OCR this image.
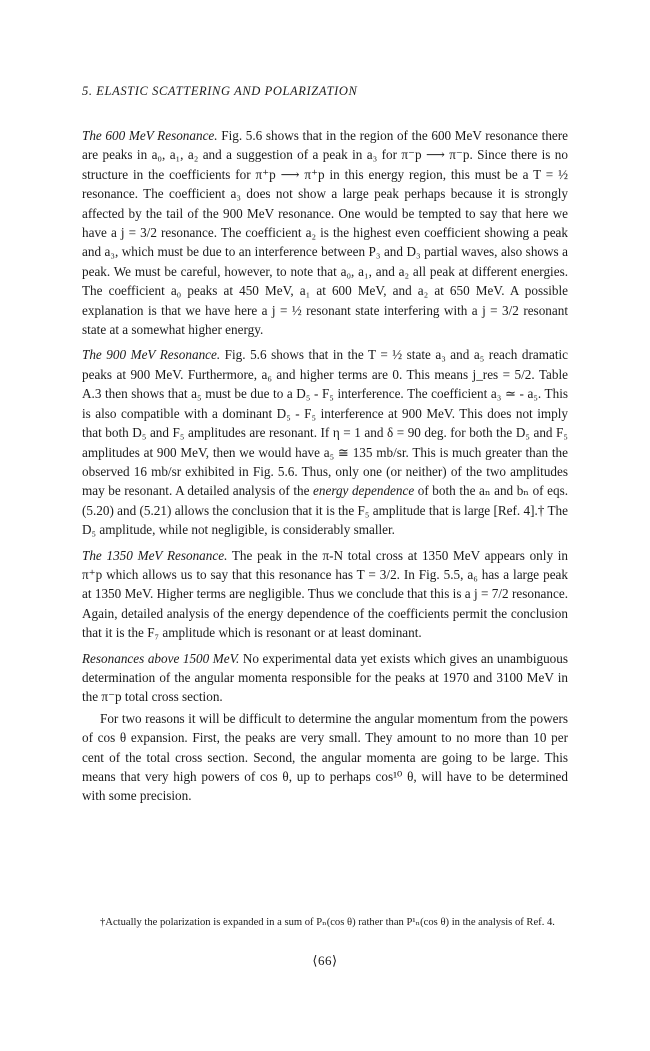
5. ELASTIC SCATTERING AND POLARIZATION

The 600 MeV Resonance. Fig. 5.6 shows that in the region of the 600 MeV resonance there are peaks in a₀, a₁, a₂ and a suggestion of a peak in a₃ for π⁻p ⟶ π⁻p. Since there is no structure in the coefficients for π⁺p ⟶ π⁺p in this energy region, this must be a T = ½ resonance. The coefficient a₃ does not show a large peak perhaps because it is strongly affected by the tail of the 900 MeV resonance. One would be tempted to say that here we have a j = 3/2 resonance. The coefficient a₂ is the highest even coefficient showing a peak and a₃, which must be due to an interference between P₃ and D₃ partial waves, also shows a peak. We must be careful, however, to note that a₀, a₁, and a₂ all peak at different energies. The coefficient a₀ peaks at 450 MeV, a₁ at 600 MeV, and a₂ at 650 MeV. A possible explanation is that we have here a j = ½ resonant state interfering with a j = 3/2 resonant state at a somewhat higher energy.

The 900 MeV Resonance. Fig. 5.6 shows that in the T = ½ state a₃ and a₅ reach dramatic peaks at 900 MeV. Furthermore, a₆ and higher terms are 0. This means j_res = 5/2. Table A.3 then shows that a₅ must be due to a D₅ - F₅ interference. The coefficient a₃ ≃ - a₅. This is also compatible with a dominant D₅ - F₅ interference at 900 MeV. This does not imply that both D₅ and F₅ amplitudes are resonant. If η = 1 and δ = 90 deg. for both the D₅ and F₅ amplitudes at 900 MeV, then we would have a₅ ≅ 135 mb/sr. This is much greater than the observed 16 mb/sr exhibited in Fig. 5.6. Thus, only one (or neither) of the two amplitudes may be resonant. A detailed analysis of the energy dependence of both the aₙ and bₙ of eqs. (5.20) and (5.21) allows the conclusion that it is the F₅ amplitude that is large [Ref. 4].† The D₅ amplitude, while not negligible, is considerably smaller.

The 1350 MeV Resonance. The peak in the π-N total cross at 1350 MeV appears only in π⁺p which allows us to say that this resonance has T = 3/2. In Fig. 5.5, a₆ has a large peak at 1350 MeV. Higher terms are negligible. Thus we conclude that this is a j = 7/2 resonance. Again, detailed analysis of the energy dependence of the coefficients permit the conclusion that it is the F₇ amplitude which is resonant or at least dominant.

Resonances above 1500 MeV. No experimental data yet exists which gives an unambiguous determination of the angular momenta responsible for the peaks at 1970 and 3100 MeV in the π⁻p total cross section.

For two reasons it will be difficult to determine the angular momentum from the powers of cos θ expansion. First, the peaks are very small. They amount to no more than 10 per cent of the total cross section. Second, the angular momenta are going to be large. This means that very high powers of cos θ, up to perhaps cos¹⁰ θ, will have to be determined with some precision.

†Actually the polarization is expanded in a sum of Pₙ(cos θ) rather than P¹ₙ(cos θ) in the analysis of Ref. 4.
⟨66⟩
